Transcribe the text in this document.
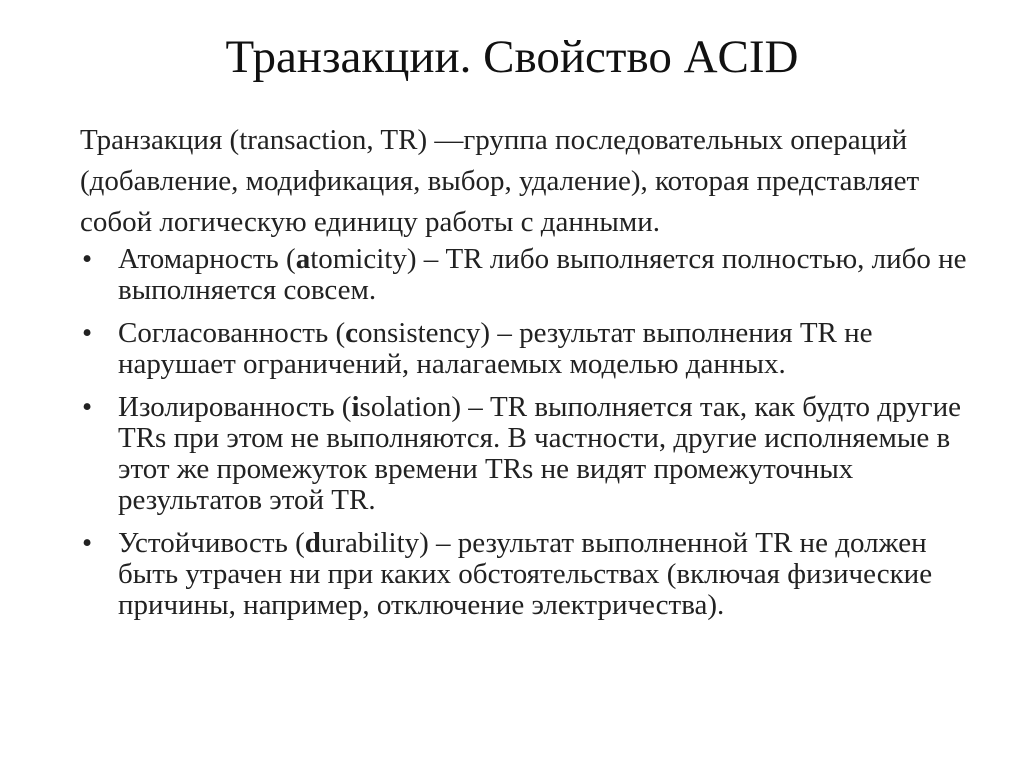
Транзакции. Свойство ACID

Транзакция (transaction, TR) —группа последовательных операций (добавление, модификация, выбор, удаление), которая представляет собой логическую единицу работы с данными.

• Атомарность (atomicity) – TR либо выполняется полностью, либо не выполняется совсем.
• Согласованность (consistency) – результат выполнения TR не нарушает ограничений, налагаемых моделью данных.
• Изолированность (isolation) – TR выполняется так, как будто другие TRs при этом не выполняются. В частности, другие исполняемые в этот же промежуток времени TRs не видят промежуточных результатов этой TR.
• Устойчивость (durability) – результат выполненной TR не должен быть утрачен ни при каких обстоятельствах (включая физические причины, например, отключение электричества).
